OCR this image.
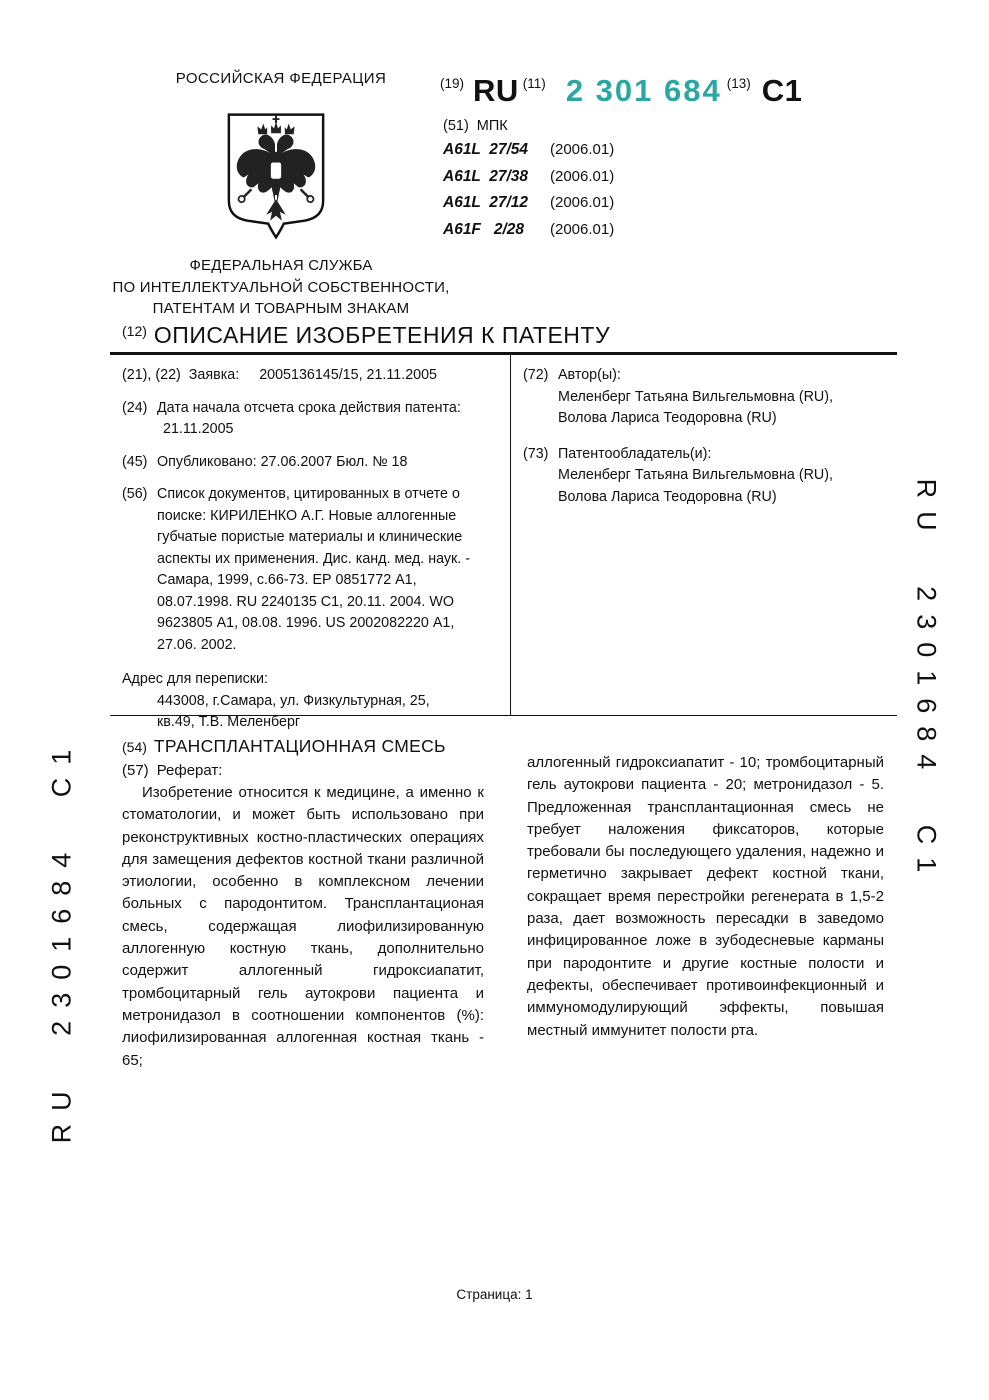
РОССИЙСКАЯ ФЕДЕРАЦИЯ
ФЕДЕРАЛЬНАЯ СЛУЖБА
ПО ИНТЕЛЛЕКТУАЛЬНОЙ СОБСТВЕННОСТИ,
ПАТЕНТАМ И ТОВАРНЫМ ЗНАКАМ
(19) RU (11) 2 301 684 (13) C1
(51) МПК
A61L  27/54	(2006.01)
A61L  27/38	(2006.01)
A61L  27/12	(2006.01)
A61F   2/28	(2006.01)
(12) ОПИСАНИЕ ИЗОБРЕТЕНИЯ К ПАТЕНТУ
(21), (22) Заявка: 2005136145/15, 21.11.2005
(24) Дата начала отсчета срока действия патента:
21.11.2005
(45) Опубликовано: 27.06.2007 Бюл. № 18
(56) Список документов, цитированных в отчете о поиске: КИРИЛЕНКО А.Г. Новые аллогенные губчатые пористые материалы и клинические аспекты их применения. Дис. канд. мед. наук. - Самара, 1999, с.66-73. ЕР 0851772 А1, 08.07.1998. RU 2240135 С1, 20.11. 2004. WO 9623805 А1, 08.08. 1996. US 2002082220 А1, 27.06. 2002.
Адрес для переписки:
443008, г.Самара, ул. Физкультурная, 25, кв.49, Т.В. Меленберг
(72) Автор(ы):
Меленберг Татьяна Вильгельмовна (RU),
Волова Лариса Теодоровна (RU)
(73) Патентообладатель(и):
Меленберг Татьяна Вильгельмовна (RU),
Волова Лариса Теодоровна (RU)
(54) ТРАНСПЛАНТАЦИОННАЯ СМЕСЬ
(57) Реферат:
Изобретение относится к медицине, а именно к стоматологии, и может быть использовано при реконструктивных костно-пластических операциях для замещения дефектов костной ткани различной этиологии, особенно в комплексном лечении больных с пародонтитом. Трансплантационая смесь, содержащая лиофилизированную аллогенную костную ткань, дополнительно содержит аллогенный гидроксиапатит, тромбоцитарный гель аутокрови пациента и метронидазол в соотношении компонентов (%): лиофилизированная аллогенная костная ткань - 65;
аллогенный гидроксиапатит - 10; тромбоцитарный гель аутокрови пациента - 20; метронидазол - 5. Предложенная трансплантационная смесь не требует наложения фиксаторов, которые требовали бы последующего удаления, надежно и герметично закрывает дефект костной ткани, сокращает время перестройки регенерата в 1,5-2 раза, дает возможность пересадки в заведомо инфицированное ложе в зубодесневые карманы при пародонтите и другие костные полости и дефекты, обеспечивает противоинфекционный и иммуномодулирующий эффекты, повышая местный иммунитет полости рта.
RU 2301684 C1
RU 2301684 C1
Страница: 1
